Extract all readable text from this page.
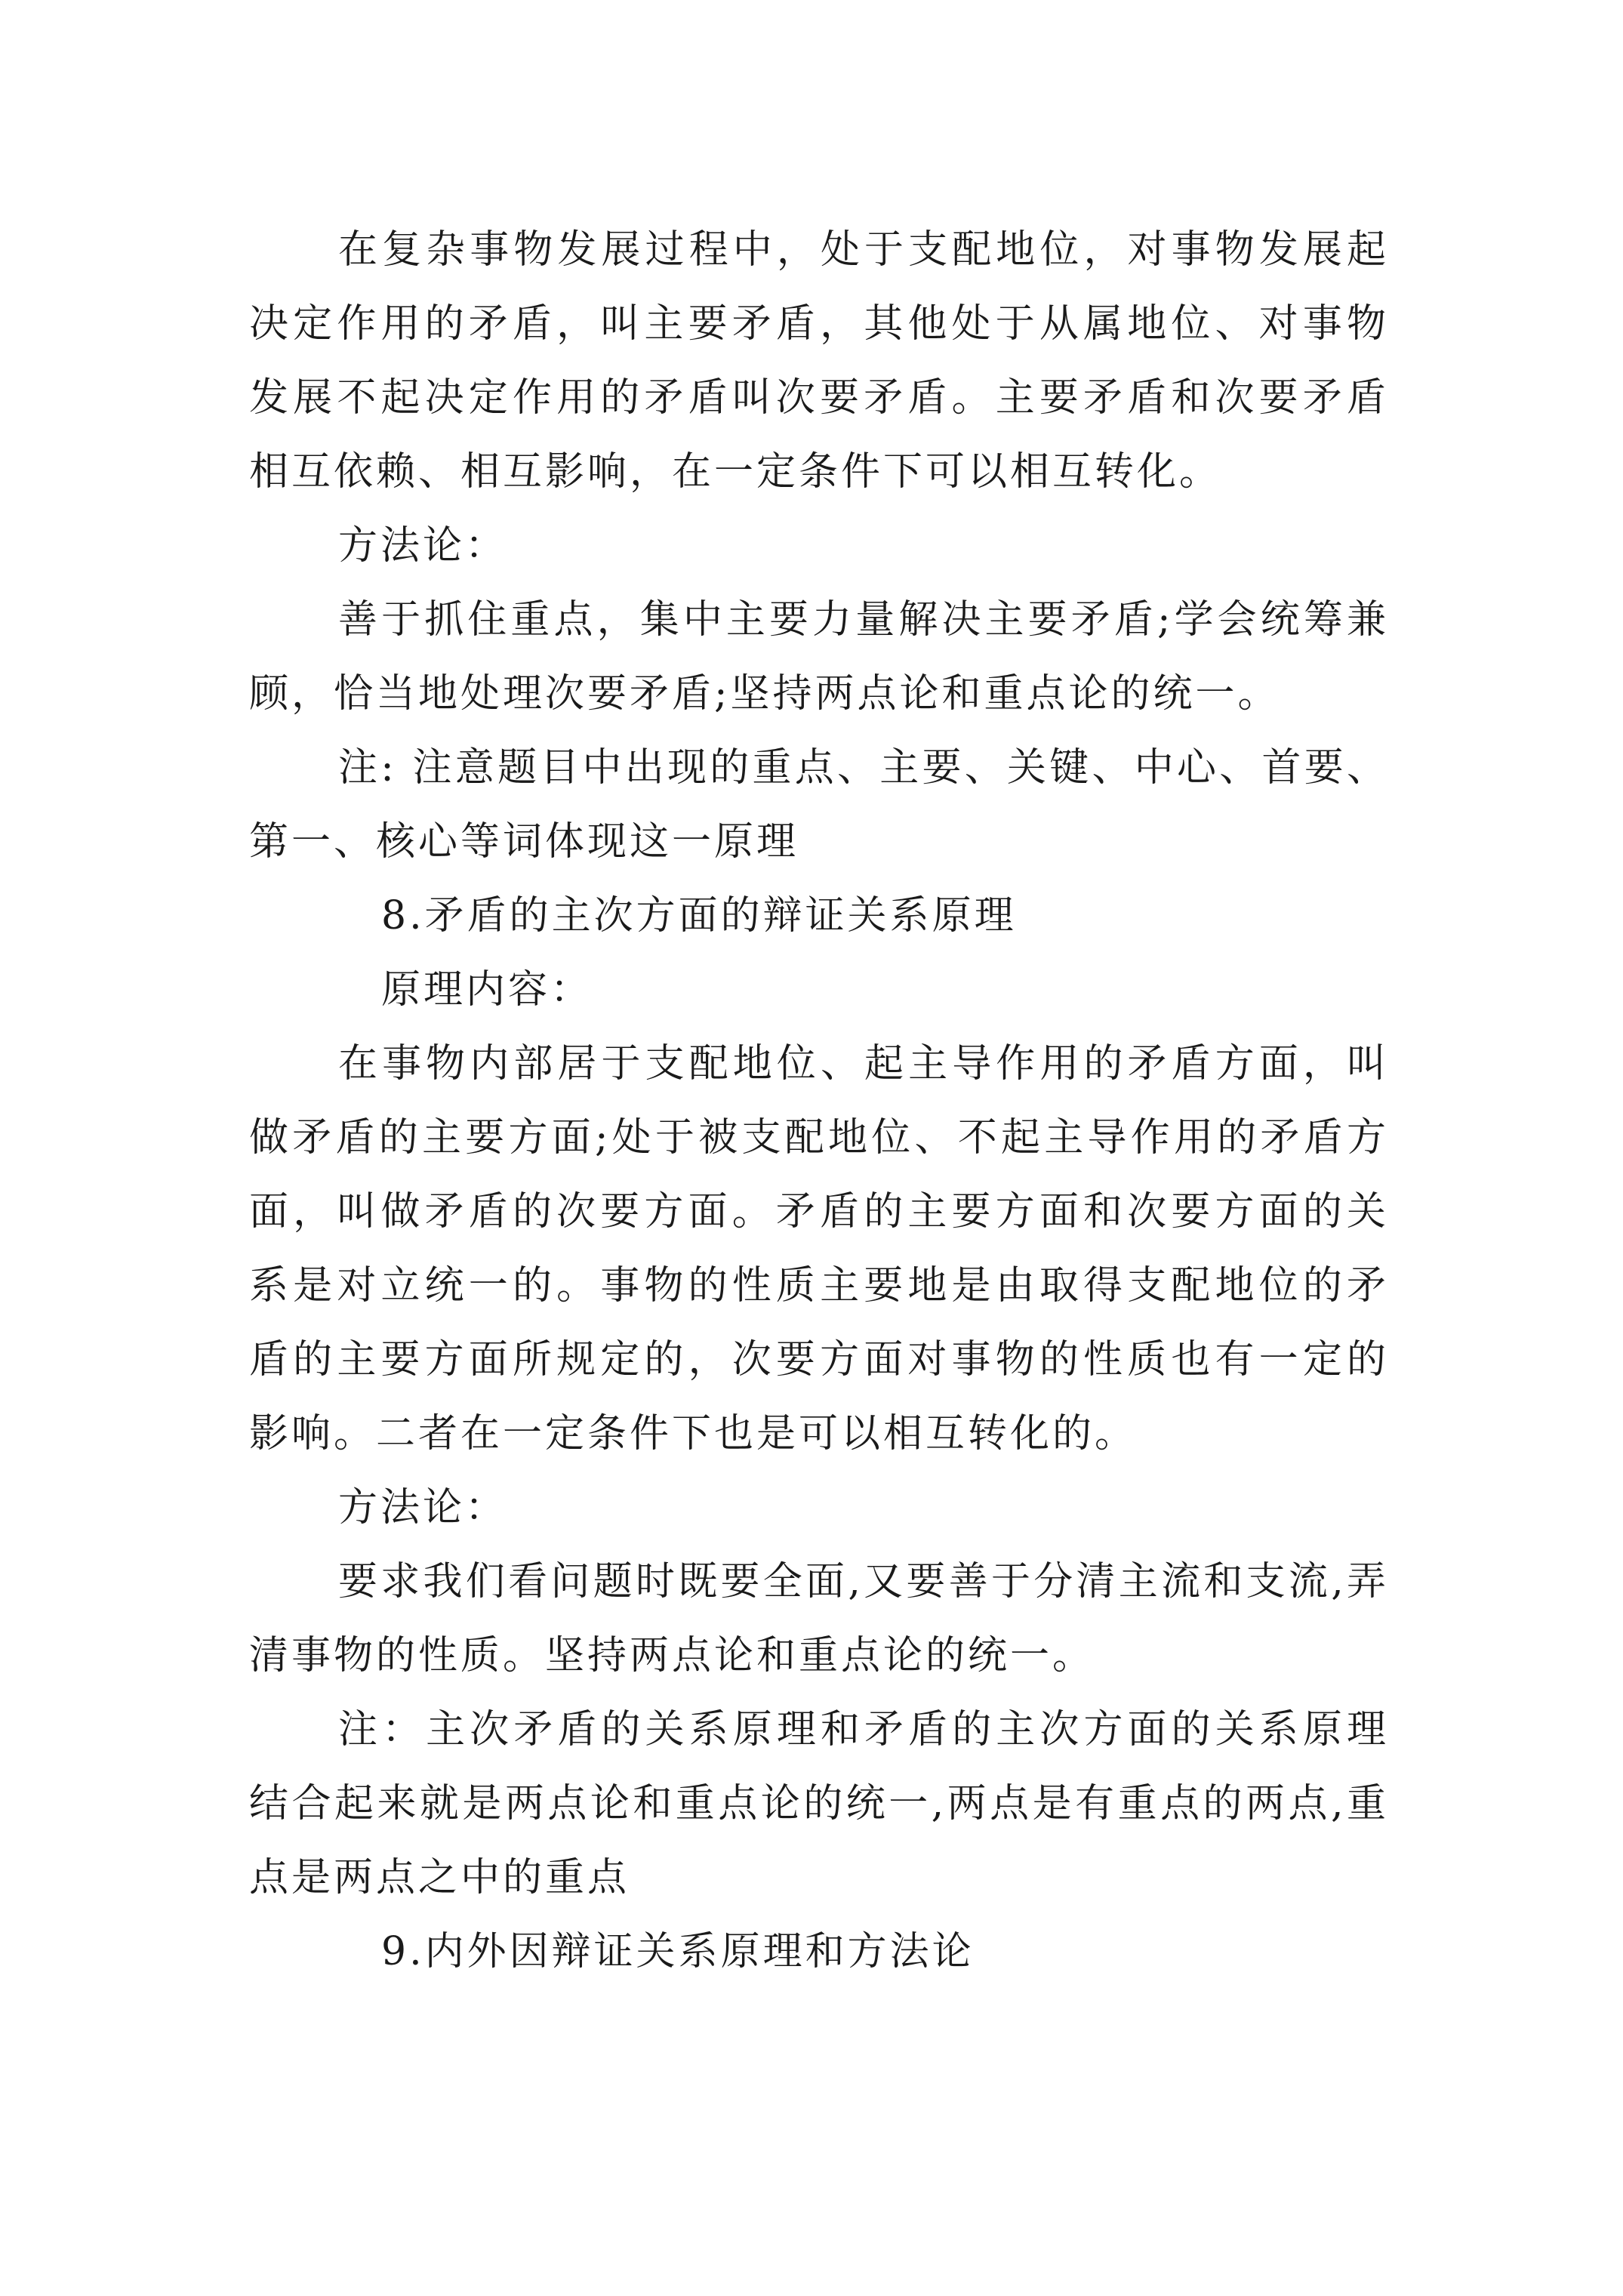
在复杂事物发展过程中，处于支配地位，对事物发展起决定作用的矛盾，叫主要矛盾，其他处于从属地位、对事物发展不起决定作用的矛盾叫次要矛盾。主要矛盾和次要矛盾相互依赖、相互影响，在一定条件下可以相互转化。

方法论：

善于抓住重点，集中主要力量解决主要矛盾;学会统筹兼顾，恰当地处理次要矛盾;坚持两点论和重点论的统一。

注: 注意题目中出现的重点、主要、关键、中心、首要、第一、核心等词体现这一原理

8.矛盾的主次方面的辩证关系原理

原理内容：

在事物内部居于支配地位、起主导作用的矛盾方面，叫做矛盾的主要方面;处于被支配地位、不起主导作用的矛盾方面，叫做矛盾的次要方面。矛盾的主要方面和次要方面的关系是对立统一的。事物的性质主要地是由取得支配地位的矛盾的主要方面所规定的，次要方面对事物的性质也有一定的影响。二者在一定条件下也是可以相互转化的。

方法论：

要求我们看问题时既要全面,又要善于分清主流和支流,弄清事物的性质。坚持两点论和重点论的统一。

注：主次矛盾的关系原理和矛盾的主次方面的关系原理结合起来就是两点论和重点论的统一,两点是有重点的两点,重点是两点之中的重点

9.内外因辩证关系原理和方法论
